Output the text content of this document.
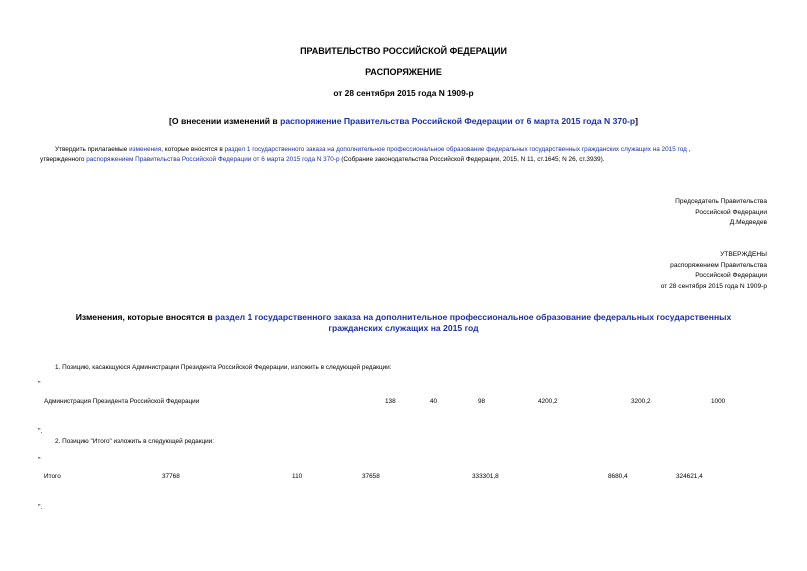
ПРАВИТЕЛЬСТВО РОССИЙСКОЙ ФЕДЕРАЦИИ
РАСПОРЯЖЕНИЕ
от 28 сентября 2015 года N 1909-р
[О внесении изменений в распоряжение Правительства Российской Федерации от 6 марта 2015 года N 370-р]
Утвердить прилагаемые изменения, которые вносятся в раздел 1 государственного заказа на дополнительное профессиональное образование федеральных государственных гражданских служащих на 2015 год ,
утвержденного распоряжением Правительства Российской Федерации от 6 марта 2015 года N 370-р (Собрание законодательства Российской Федерации, 2015, N 11, ст.1645; N 26, ст.3939).
Председатель Правительства
Российской Федерации
Д.Медведев
УТВЕРЖДЕНЫ
распоряжением Правительства
Российской Федерации
от 28 сентября 2015 года N 1909-р
Изменения, которые вносятся в раздел 1 государственного заказа на дополнительное профессиональное образование федеральных государственных
гражданских служащих на 2015 год
1. Позицию, касающуюся Администрации Президента Российской Федерации, изложить в следующей редакции:
"
Администрация Президента Российской Федерации	138	40	98	4200,2	3200,2	1000
".
2. Позицию "Итого" изложить в следующей редакции:
"
Итого	37768	110	37658	333301,8	8680,4	324621,4
".
